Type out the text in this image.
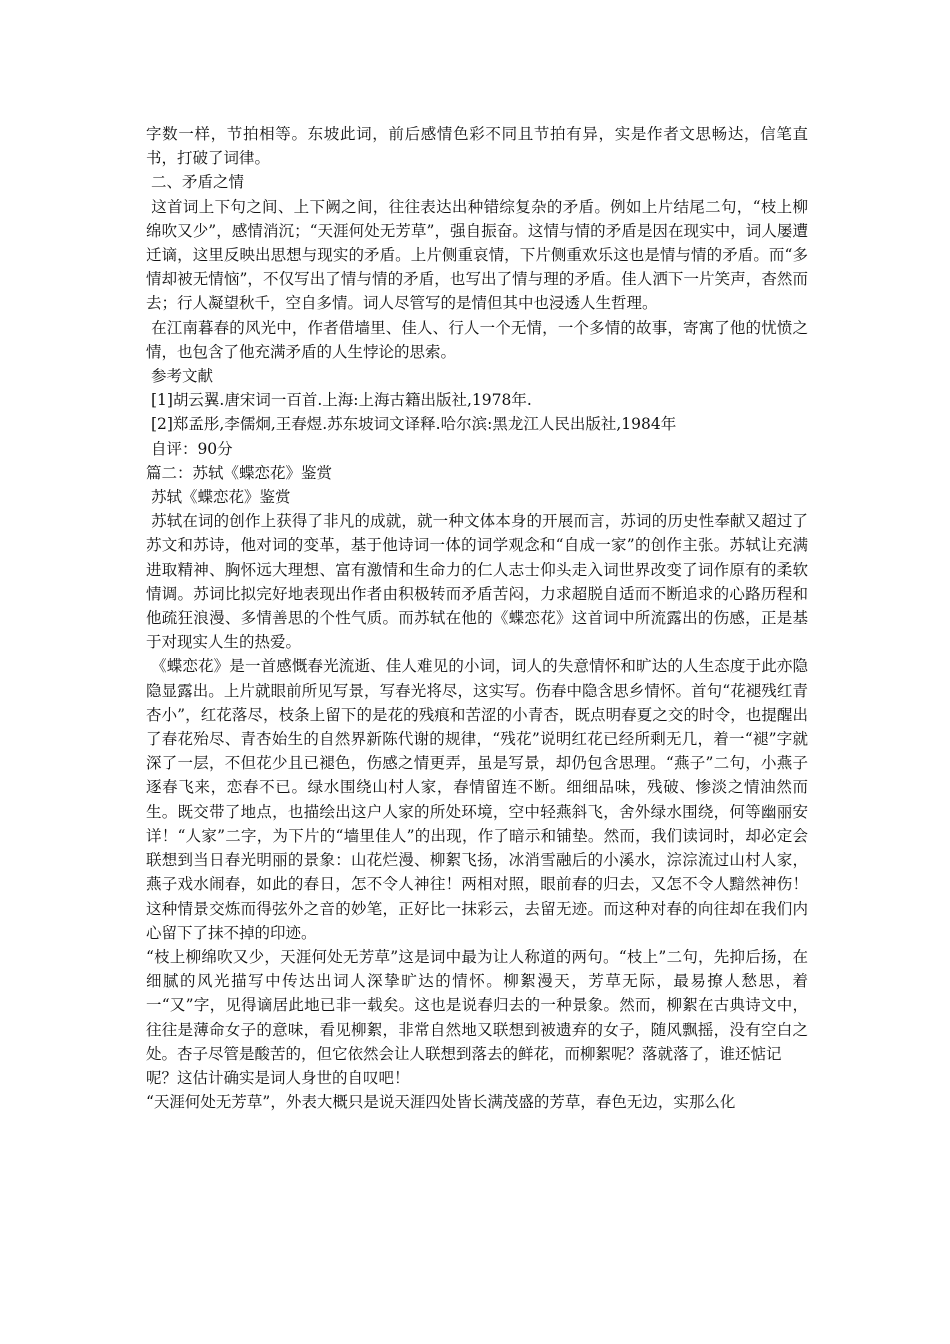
字数一样，节拍相等。东坡此词，前后感情色彩不同且节拍有异，实是作者文思畅达，信笔直书，打破了词律。

二、矛盾之情

这首词上下句之间、上下阙之间，往往表达出种错综复杂的矛盾。例如上片结尾二句，“枝上柳绵吹又少”，感情消沉；“天涯何处无芳草”，强自振奋。这情与情的矛盾是因在现实中，词人屡遭迁谪，这里反映出思想与现实的矛盾。上片侧重哀情，下片侧重欢乐这也是情与情的矛盾。而“多情却被无情恼”，不仅写出了情与情的矛盾，也写出了情与理的矛盾。佳人洒下一片笑声，杳然而去；行人凝望秋千，空自多情。词人尽管写的是情但其中也浸透人生哲理。

在江南暮春的风光中，作者借墙里、佳人、行人一个无情，一个多情的故事，寄寓了他的忧愤之情，也包含了他充满矛盾的人生悖论的思索。

参考文献

[1]胡云翼.唐宋词一百首.上海:上海古籍出版社,1978年.

[2]郑孟彤,李儒炯,王春煜.苏东坡词文译释.哈尔滨:黑龙江人民出版社,1984年

自评：90分

篇二：苏轼《蝶恋花》鉴赏

苏轼《蝶恋花》鉴赏

苏轼在词的创作上获得了非凡的成就，就一种文体本身的开展而言，苏词的历史性奉献又超过了苏文和苏诗，他对词的变革，基于他诗词一体的词学观念和“自成一家”的创作主张。苏轼让充满进取精神、胸怀远大理想、富有激情和生命力的仁人志士仰头走入词世界改变了词作原有的柔软情调。苏词比拟完好地表现出作者由积极转而矛盾苦闷，力求超脱自适而不断追求的心路历程和他疏狂浪漫、多情善思的个性气质。而苏轼在他的《蝶恋花》这首词中所流露出的伤感，正是基于对现实人生的热爱。

《蝶恋花》是一首感慨春光流逝、佳人难见的小词，词人的失意情怀和旷达的人生态度于此亦隐隐显露出。上片就眼前所见写景，写春光将尽，这实写。伤春中隐含思乡情怀。首句“花褪残红青杏小”，红花落尽，枝条上留下的是花的残痕和苦涩的小青杏，既点明春夏之交的时令，也提醒出了春花殆尽、青杏始生的自然界新陈代谢的规律，“残花”说明红花已经所剩无几，着一“褪”字就深了一层，不但花少且已褪色，伤感之情更弄，虽是写景，却仍包含思理。“燕子”二句，小燕子逐春飞来，恋春不已。绿水围绕山村人家，春情留连不断。细细品味，残破、惨淡之情油然而生。既交带了地点，也描绘出这户人家的所处环境，空中轻燕斜飞，舍外绿水围绕，何等幽丽安详！“人家”二字，为下片的“墙里佳人”的出现，作了暗示和铺垫。然而，我们读词时，却必定会联想到当日春光明丽的景象：山花烂漫、柳絮飞扬，冰消雪融后的小溪水，淙淙流过山村人家，燕子戏水闹春，如此的春日，怎不令人神往！两相对照，眼前春的归去，又怎不令人黯然神伤！这种情景交炼而得弦外之音的妙笔，正好比一抹彩云，去留无迹。而这种对春的向往却在我们内心留下了抹不掉的印迹。

“枝上柳绵吹又少，天涯何处无芳草”这是词中最为让人称道的两句。“枝上”二句，先抑后扬，在细腻的风光描写中传达出词人深挚旷达的情怀。柳絮漫天，芳草无际，最易撩人愁思，着一“又”字，见得谪居此地已非一载矣。这也是说春归去的一种景象。然而，柳絮在古典诗文中，往往是薄命女子的意味，看见柳絮，非常自然地又联想到被遗弃的女子，随风飘摇，没有空白之处。杏子尽管是酸苦的，但它依然会让人联想到落去的鲜花，而柳絮呢？落就落了，谁还惦记

呢？这估计确实是词人身世的自叹吧！

“天涯何处无芳草”，外表大概只是说天涯四处皆长满茂盛的芳草，春色无边，实那么化
